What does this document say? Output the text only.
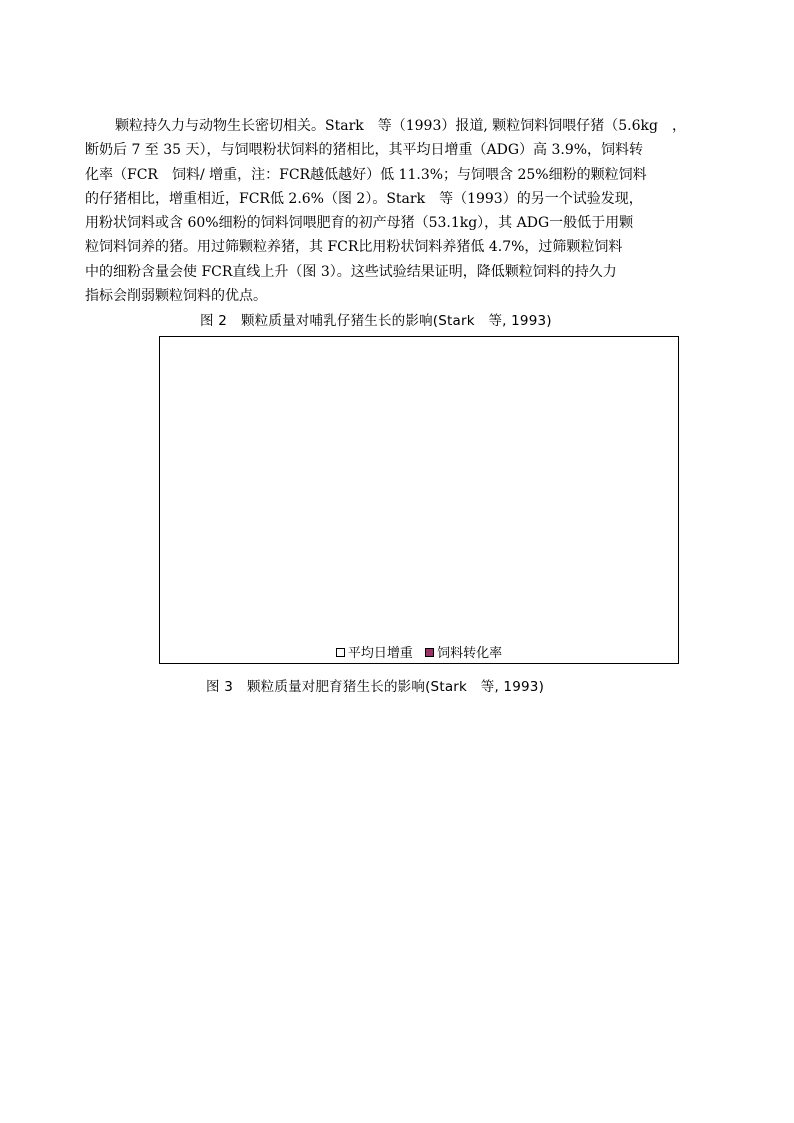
颗粒持久力与动物生长密切相关。Stark　等（1993）报道, 颗粒饲料饲喂仔猪（5.6kg　，
断奶后 7 至 35 天），与饲喂粉状饲料的猪相比，其平均日增重（ADG）高 3.9%，饲料转
化率（FCR　饲料/ 增重，注：FCR越低越好）低 11.3%；与饲喂含 25%细粉的颗粒饲料
的仔猪相比，增重相近，FCR低 2.6%（图 2）。Stark　等（1993）的另一个试验发现，
用粉状饲料或含 60%细粉的饲料饲喂肥育的初产母猪（53.1kg），其 ADG一般低于用颗
粒饲料饲养的猪。用过筛颗粒养猪，其 FCR比用粉状饲料养猪低 4.7%，过筛颗粒饲料
中的细粉含量会使 FCR直线上升（图 3）。这些试验结果证明，降低颗粒饲料的持久力
指标会削弱颗粒饲料的优点。
图 2 颗粒质量对哺乳仔猪生长的影响(Stark　等, 1993)
平均日增重 饲料转化率
图 3 颗粒质量对肥育猪生长的影响(Stark　等, 1993)
